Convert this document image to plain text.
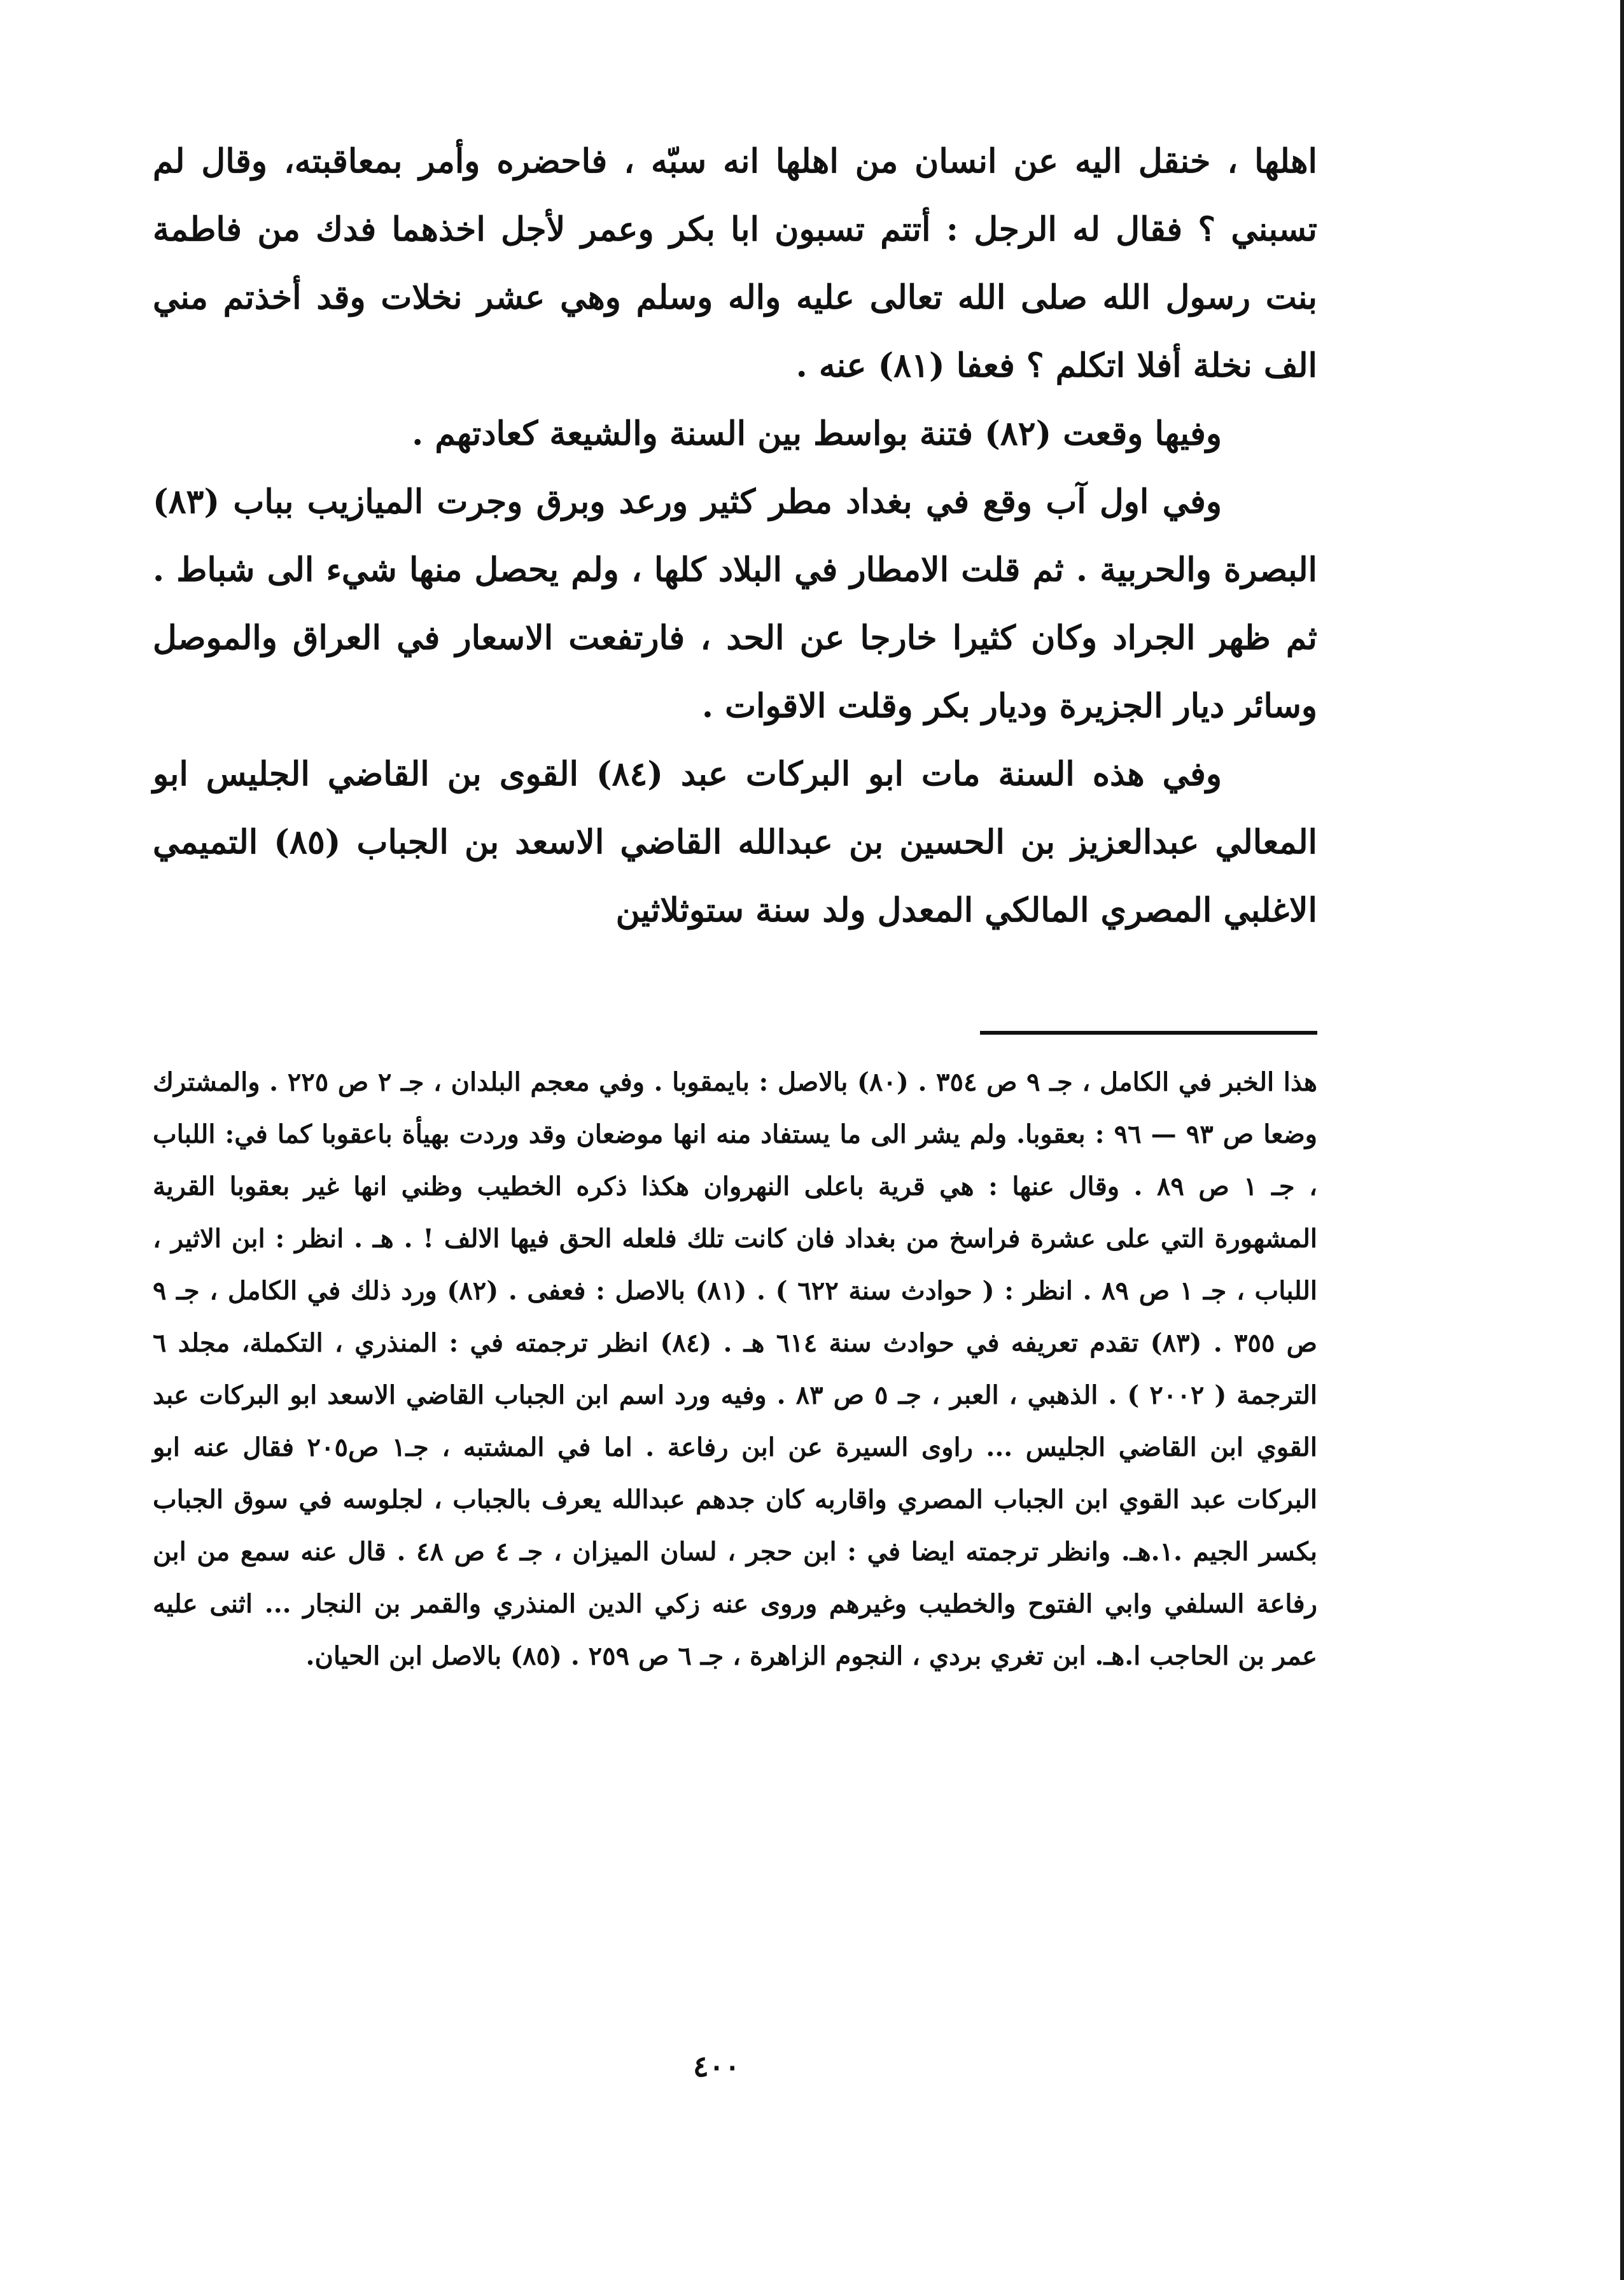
اهلها ، خنقل اليه عن انسان من اهلها انه سبّه ، فاحضره وأمر بمعاقبته، وقال لم تسبني ؟ فقال له الرجل : أتتم تسبون ابا بكر وعمر لأجل اخذهما فدك من فاطمة بنت رسول الله صلى الله تعالى عليه واله وسلم وهي عشر نخلات وقد أخذتم مني الف نخلة أفلا اتكلم ؟ فعفا (٨١) عنه .

وفيها وقعت (٨٢) فتنة بواسط بين السنة والشيعة كعادتهم .

وفي اول آب وقع في بغداد مطر كثير ورعد وبرق وجرت الميازيب بباب (٨٣) البصرة والحربية . ثم قلت الامطار في البلاد كلها ، ولم يحصل منها شيء الى شباط . ثم ظهر الجراد وكان كثيرا خارجا عن الحد ، فارتفعت الاسعار في العراق والموصل وسائر ديار الجزيرة وديار بكر وقلت الاقوات .

وفي هذه السنة مات ابو البركات عبد (٨٤) القوى بن القاضي الجليس ابو المعالي عبدالعزيز بن الحسين بن عبدالله القاضي الاسعد بن الجباب (٨٥) التميمي الاغلبي المصري المالكي المعدل ولد سنة ستوثلاثين

هذا الخبر في الكامل ، جـ ٩ ص ٣٥٤ . (٨٠) بالاصل : بايمقوبا . وفي معجم البلدان ، جـ ٢ ص ٢٢٥ . والمشترك وضعا ص ٩٣ — ٩٦ : بعقوبا. ولم يشر الى ما يستفاد منه انها موضعان وقد وردت بهيأة باعقوبا كما في: اللباب ، جـ ١ ص ٨٩ . وقال عنها : هي قرية باعلى النهروان هكذا ذكره الخطيب وظني انها غير بعقوبا القرية المشهورة التي على عشرة فراسخ من بغداد فان كانت تلك فلعله الحق فيها الالف ! . هـ . انظر : ابن الاثير ، اللباب ، جـ ١ ص ٨٩ . انظر : ( حوادث سنة ٦٢٢ ) . (٨١) بالاصل : فعفى . (٨٢) ورد ذلك في الكامل ، جـ ٩ ص ٣٥٥ . (٨٣) تقدم تعريفه في حوادث سنة ٦١٤ هـ . (٨٤) انظر ترجمته في : المنذري ، التكملة، مجلد ٦ الترجمة ( ٢٠٠٢ ) . الذهبي ، العبر ، جـ ٥ ص ٨٣ . وفيه ورد اسم ابن الجباب القاضي الاسعد ابو البركات عبد القوي ابن القاضي الجليس ... راوى السيرة عن ابن رفاعة . اما في المشتبه ، جـ١ ص٢٠٥ فقال عنه ابو البركات عبد القوي ابن الجباب المصري واقاربه كان جدهم عبدالله يعرف بالجباب ، لجلوسه في سوق الجباب بكسر الجيم .١.هـ. وانظر ترجمته ايضا في : ابن حجر ، لسان الميزان ، جـ ٤ ص ٤٨ . قال عنه سمع من ابن رفاعة السلفي وابي الفتوح والخطيب وغيرهم وروى عنه زكي الدين المنذري والقمر بن النجار ... اثنى عليه عمر بن الحاجب ا.هـ. ابن تغري بردي ، النجوم الزاهرة ، جـ ٦ ص ٢٥٩ . (٨٥) بالاصل ابن الحيان.
٤٠٠
